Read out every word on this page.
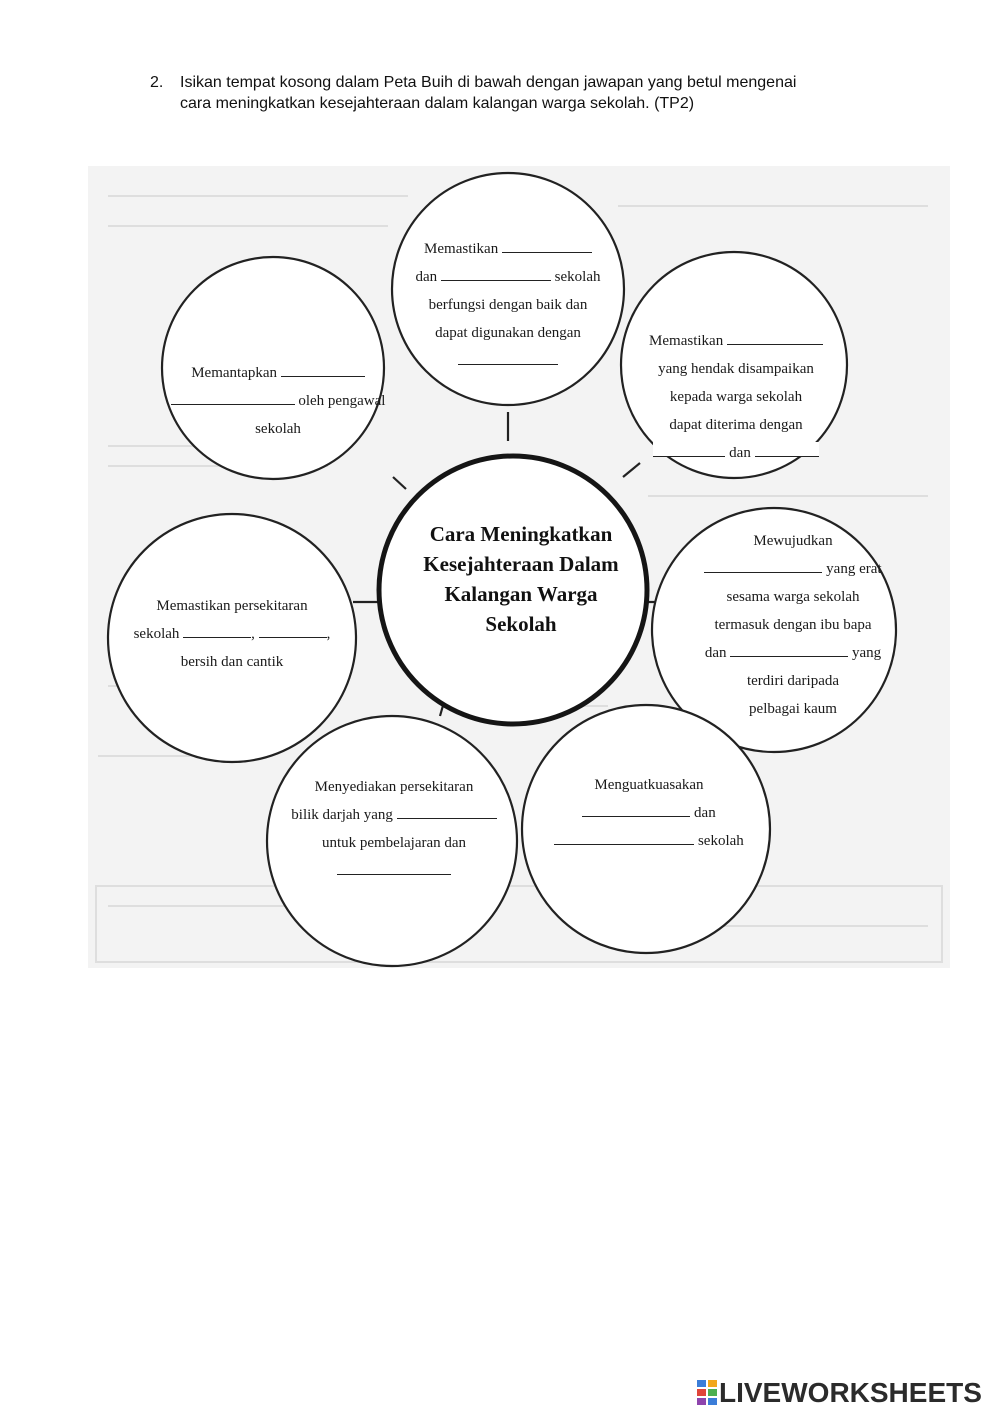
2. Isikan tempat kosong dalam Peta Buih di bawah dengan jawapan yang betul mengenai
cara meningkatkan kesejahteraan dalam kalangan warga sekolah. (TP2)
Cara Meningkatkan
Kesejahteraan Dalam
Kalangan Warga
Sekolah
Memastikan
dan	sekolah
berfungsi dengan baik dan
dapat digunakan dengan
Memantapkan
oleh pengawal
sekolah
Memastikan
yang hendak disampaikan
kepada warga sekolah
dapat diterima dengan
dan
Memastikan persekitaran
sekolah	,	,
bersih dan cantik
Mewujudkan
yang erat
sesama warga sekolah
termasuk dengan ibu bapa
dan	yang
terdiri daripada
pelbagai kaum
Menyediakan persekitaran
bilik darjah yang
untuk pembelajaran dan
Menguatkuasakan
dan
sekolah
LIVEWORKSHEETS
